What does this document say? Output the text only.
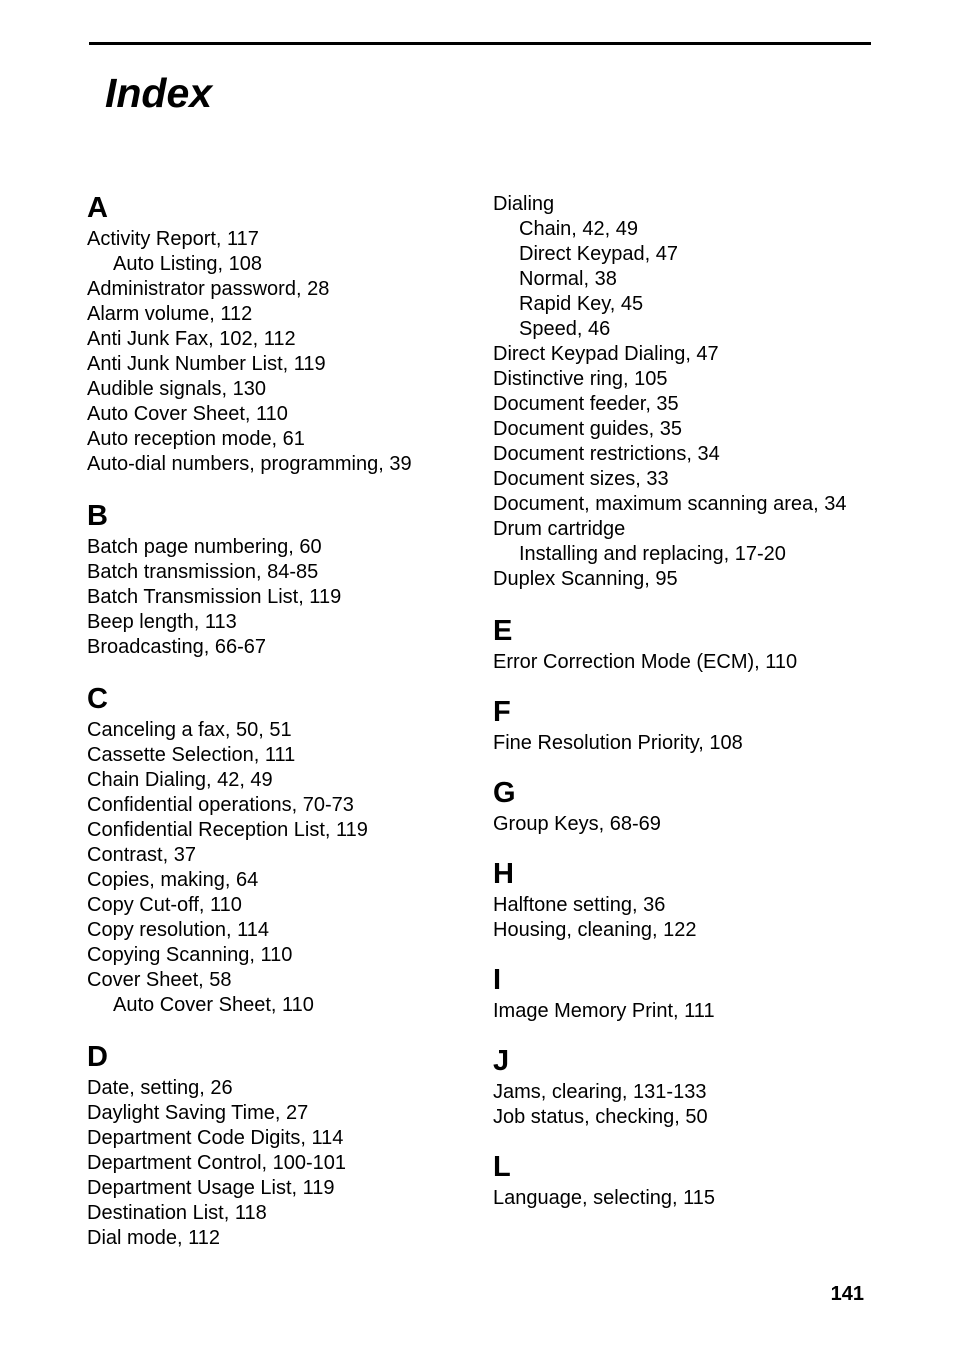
Index
A
Activity Report, 117
Auto Listing, 108
Administrator password, 28
Alarm volume, 112
Anti Junk Fax, 102, 112
Anti Junk Number List, 119
Audible signals, 130
Auto Cover Sheet, 110
Auto reception mode, 61
Auto-dial numbers, programming, 39
B
Batch page numbering, 60
Batch transmission, 84-85
Batch Transmission List, 119
Beep length, 113
Broadcasting, 66-67
C
Canceling a fax, 50, 51
Cassette Selection, 111
Chain Dialing, 42, 49
Confidential operations, 70-73
Confidential Reception List, 119
Contrast, 37
Copies, making, 64
Copy Cut-off, 110
Copy resolution, 114
Copying Scanning, 110
Cover Sheet, 58
Auto Cover Sheet, 110
D
Date, setting, 26
Daylight Saving Time, 27
Department Code Digits, 114
Department Control, 100-101
Department Usage List, 119
Destination List, 118
Dial mode, 112
Dialing
Chain, 42, 49
Direct Keypad, 47
Normal, 38
Rapid Key, 45
Speed, 46
Direct Keypad Dialing, 47
Distinctive ring, 105
Document feeder, 35
Document guides, 35
Document restrictions, 34
Document sizes, 33
Document, maximum scanning area, 34
Drum cartridge
Installing and replacing, 17-20
Duplex Scanning, 95
E
Error Correction Mode (ECM), 110
F
Fine Resolution Priority, 108
G
Group Keys, 68-69
H
Halftone setting, 36
Housing, cleaning, 122
I
Image Memory Print, 111
J
Jams, clearing, 131-133
Job status, checking, 50
L
Language, selecting, 115
141
